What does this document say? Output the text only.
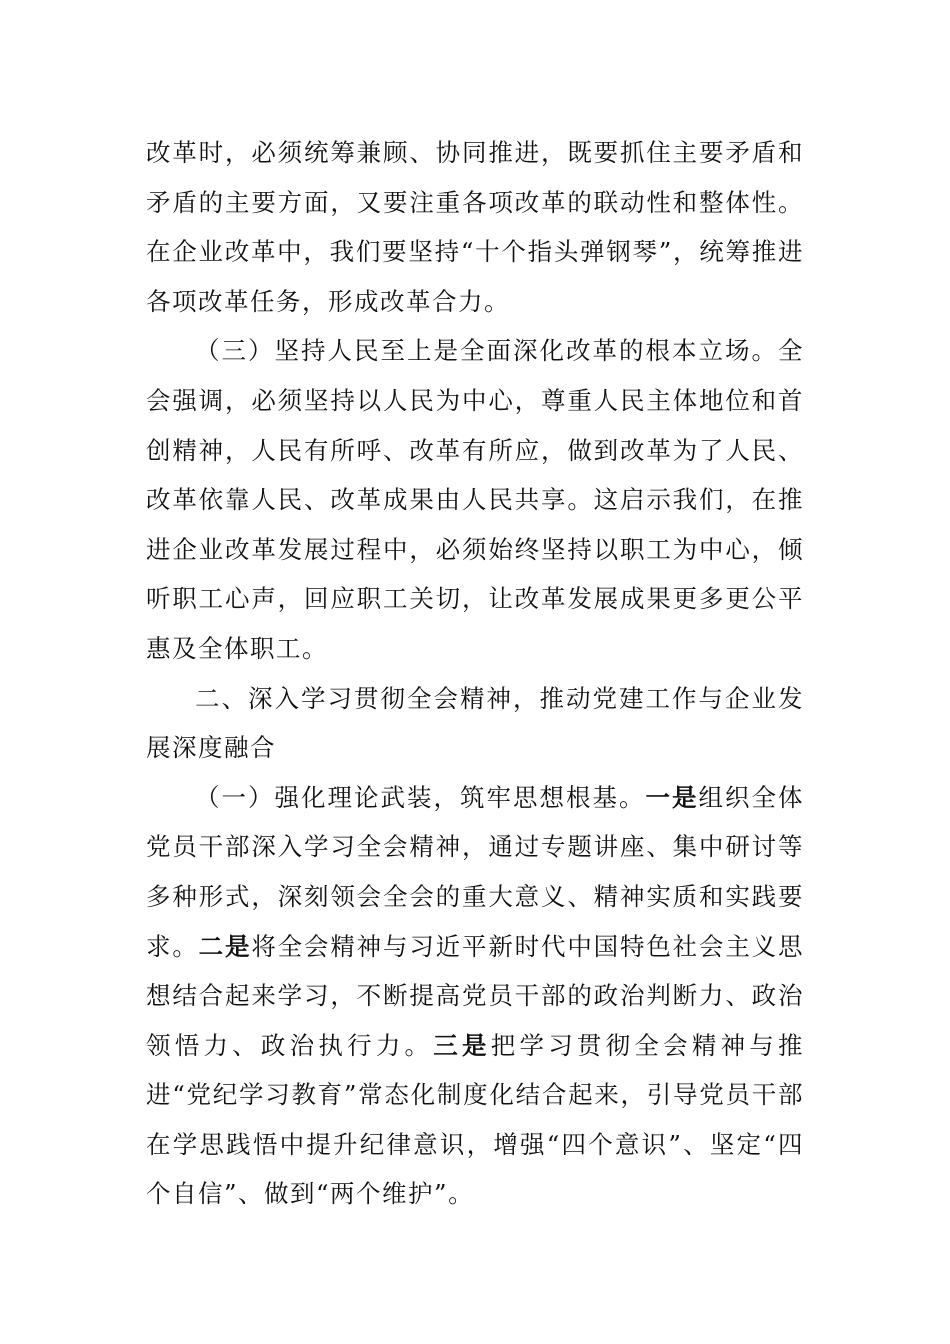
改革时，必须统筹兼顾、协同推进，既要抓住主要矛盾和矛盾的主要方面，又要注重各项改革的联动性和整体性。在企业改革中，我们要坚持“十个指头弹钢琴”，统筹推进各项改革任务，形成改革合力。

（三）坚持人民至上是全面深化改革的根本立场。全会强调，必须坚持以人民为中心，尊重人民主体地位和首创精神，人民有所呼、改革有所应，做到改革为了人民、改革依靠人民、改革成果由人民共享。这启示我们，在推进企业改革发展过程中，必须始终坚持以职工为中心，倾听职工心声，回应职工关切，让改革发展成果更多更公平惠及全体职工。

二、深入学习贯彻全会精神，推动党建工作与企业发展深度融合

（一）强化理论武装，筑牢思想根基。一是组织全体党员干部深入学习全会精神，通过专题讲座、集中研讨等多种形式，深刻领会全会的重大意义、精神实质和实践要求。二是将全会精神与习近平新时代中国特色社会主义思想结合起来学习，不断提高党员干部的政治判断力、政治领悟力、政治执行力。三是把学习贯彻全会精神与推进“党纪学习教育”常态化制度化结合起来，引导党员干部在学思践悟中提升纪律意识，增强“四个意识”、坚定“四个自信”、做到“两个维护”。
